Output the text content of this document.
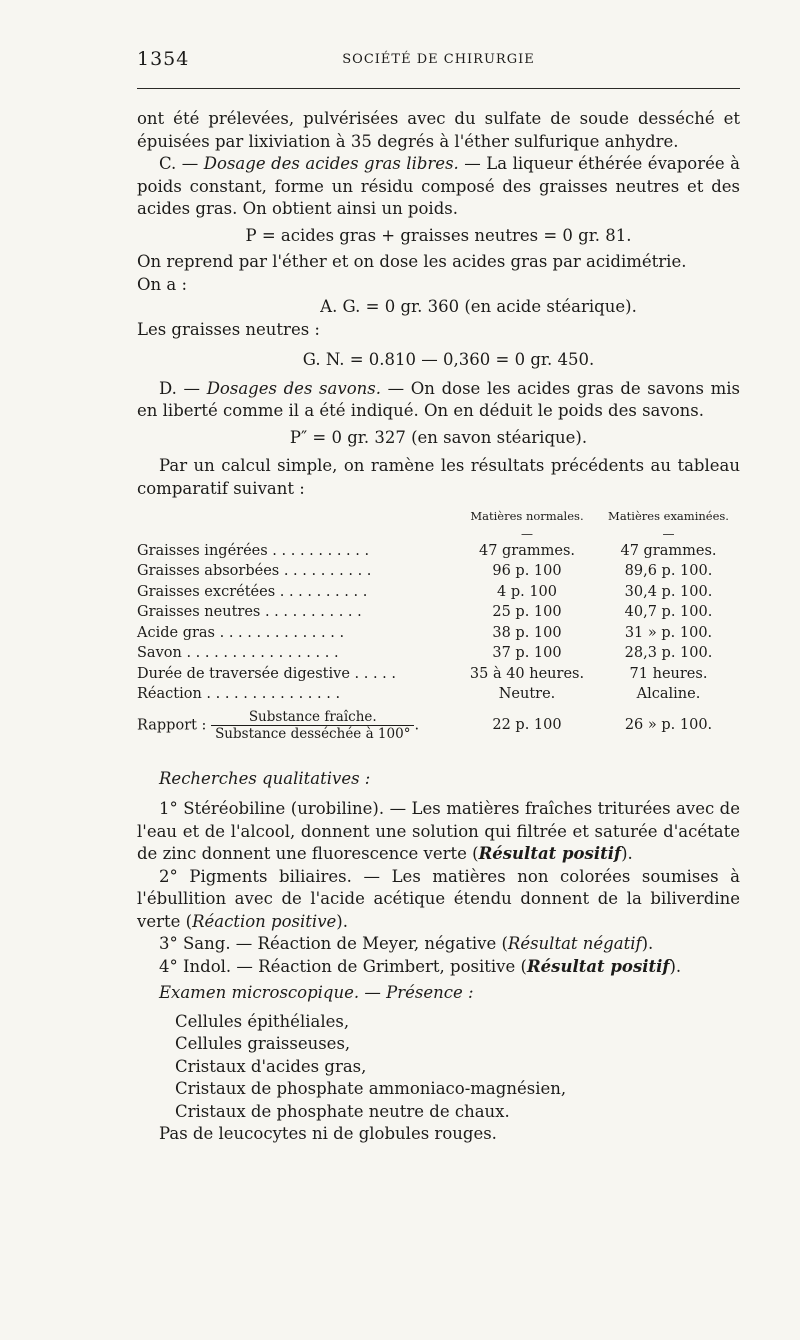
1354	SOCIÉTÉ DE CHIRURGIE

ont été prélevées, pulvérisées avec du sulfate de soude desséché et épuisées par lixiviation à 35 degrés à l'éther sulfurique anhydre.

C. — Dosage des acides gras libres. — La liqueur éthérée évaporée à poids constant, forme un résidu composé des graisses neutres et des acides gras. On obtient ainsi un poids.

P = acides gras + graisses neutres = 0 gr. 81.

On reprend par l'éther et on dose les acides gras par acidimétrie.

On a :

A. G. = 0 gr. 360 (en acide stéarique).

Les graisses neutres :

G. N. = 0.810 — 0,360 = 0 gr. 450.

D. — Dosages des savons. — On dose les acides gras de savons mis en liberté comme il a été indiqué. On en déduit le poids des savons.

P″ = 0 gr. 327 (en savon stéarique).

Par un calcul simple, on ramène les résultats précédents au tableau comparatif suivant :

	Matières normales.	Matières examinées.
	—	—
Graisses ingérées . . . . . . . . . . .	47 grammes.	47 grammes.
Graisses absorbées . . . . . . . . . .	96 p. 100	89,6 p. 100.
Graisses excrétées . . . . . . . . . .	4 p. 100	30,4 p. 100.
Graisses neutres . . . . . . . . . . .	25 p. 100	40,7 p. 100.
Acide gras . . . . . . . . . . . . . .	38 p. 100	31 » p. 100.
Savon . . . . . . . . . . . . . . . . .	37 p. 100	28,3 p. 100.
Durée de traversée digestive . . . . .	35 à 40 heures.	71 heures.
Réaction . . . . . . . . . . . . . . .	Neutre.	Alcaline.
Rapport : $\frac{\text{Substance fraîche.}}{\text{Substance desséchée à 100°}}$ .	22 p. 100	26 » p. 100.

Recherches qualitatives :

1° Stéréobiline (urobiline). — Les matières fraîches triturées avec de l'eau et de l'alcool, donnent une solution qui filtrée et saturée d'acétate de zinc donnent une fluorescence verte (Résultat positif).

2° Pigments biliaires. — Les matières non colorées soumises à l'ébullition avec de l'acide acétique étendu donnent de la biliverdine verte (Réaction positive).

3° Sang. — Réaction de Meyer, négative (Résultat négatif).

4° Indol. — Réaction de Grimbert, positive (Résultat positif).

Examen microscopique. — Présence :

Cellules épithéliales,
Cellules graisseuses,
Cristaux d'acides gras,
Cristaux de phosphate ammoniaco-magnésien,
Cristaux de phosphate neutre de chaux.

Pas de leucocytes ni de globules rouges.
